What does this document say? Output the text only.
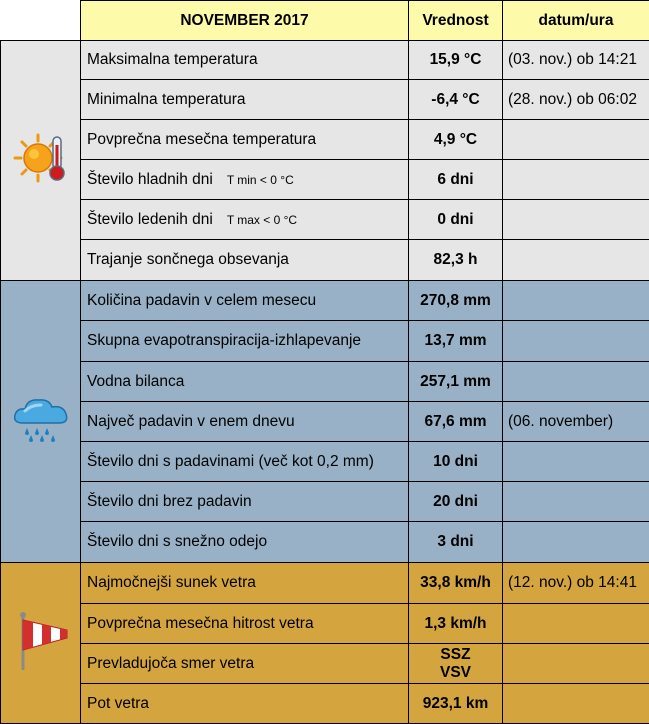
	NOVEMBER 2017	Vrednost	datum/ura
	Maksimalna temperatura	15,9 °C	(03. nov.) ob 14:21
	Minimalna temperatura	-6,4 °C	(28. nov.) ob 06:02
	Povprečna mesečna temperatura	4,9 °C	
	Število hladnih dni T min < 0 °C	6 dni	
	Število ledenih dni T max < 0 °C	0 dni	
	Trajanje sončnega obsevanja	82,3 h	
	Količina padavin v celem mesecu	270,8 mm	
	Skupna evapotranspiracija-izhlapevanje	13,7 mm	
	Vodna bilanca	257,1 mm	
	Največ padavin v enem dnevu	67,6 mm	(06. november)
	Število dni s padavinami (več kot 0,2 mm)	10 dni	
	Število dni brez padavin	20 dni	
	Število dni s snežno odejo	3 dni	
	Najmočnejši sunek vetra	33,8 km/h	(12. nov.) ob 14:41
	Povprečna mesečna hitrost vetra	1,3 km/h	
	Prevladujoča smer vetra	SSZ
VSV	
	Pot vetra	923,1 km	
